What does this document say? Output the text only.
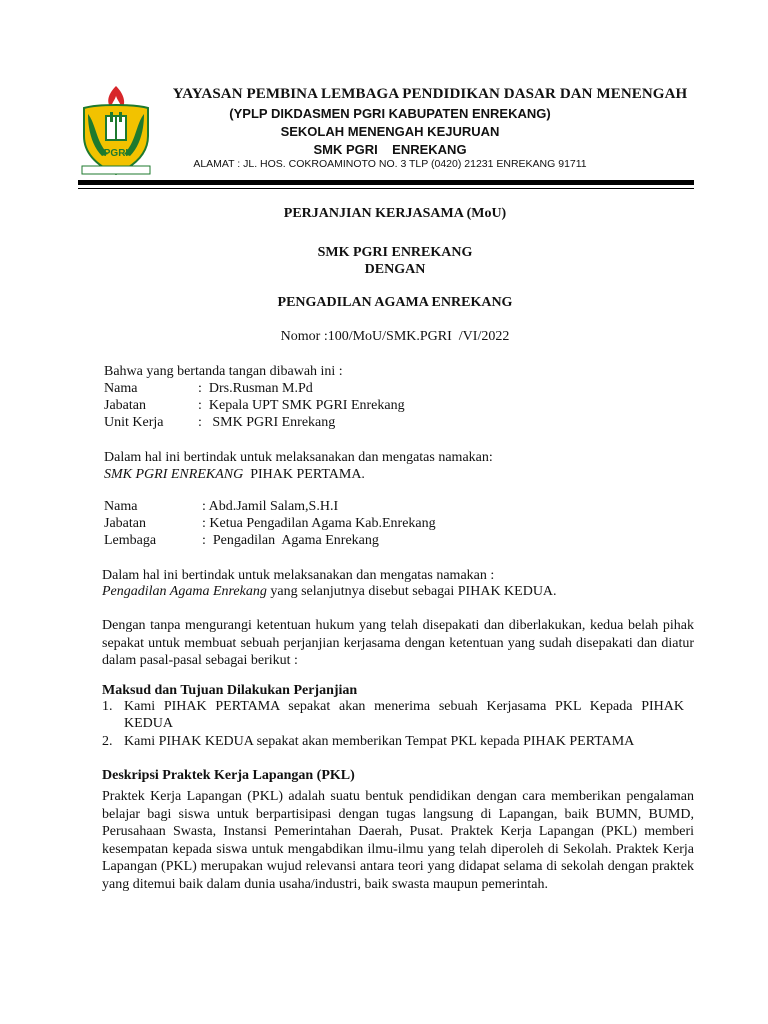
PGRI
YAYASAN PEMBINA LEMBAGA PENDIDIKAN DASAR DAN MENENGAH
(YPLP DIKDASMEN PGRI KABUPATEN ENREKANG)
SEKOLAH MENENGAH KEJURUAN
SMK PGRI    ENREKANG
ALAMAT : JL. HOS. COKROAMINOTO NO. 3 TLP (0420) 21231 ENREKANG 91711
PERJANJIAN KERJASAMA (MoU)
SMK PGRI ENREKANG
DENGAN
PENGADILAN AGAMA ENREKANG
Nomor :100/MoU/SMK.PGRI  /VI/2022
Bahwa yang bertanda tangan dibawah ini :
Nama	:  Drs.Rusman M.Pd
Jabatan	:  Kepala UPT SMK PGRI Enrekang
Unit Kerja :   SMK PGRI Enrekang
Dalam hal ini bertindak untuk melaksanakan dan mengatas namakan:
SMK PGRI ENREKANG  PIHAK PERTAMA.
Nama	: Abd.Jamil Salam,S.H.I
Jabatan	: Ketua Pengadilan Agama Kab.Enrekang
Lembaga	:  Pengadilan  Agama Enrekang
Dalam hal ini bertindak untuk melaksanakan dan mengatas namakan :
Pengadilan Agama Enrekang yang selanjutnya disebut sebagai PIHAK KEDUA.
Dengan tanpa mengurangi ketentuan hukum yang telah disepakati dan diberlakukan, kedua belah pihak sepakat untuk membuat sebuah perjanjian kerjasama dengan ketentuan yang sudah disepakati dan diatur dalam pasal-pasal sebagai berikut :
Maksud dan Tujuan Dilakukan Perjanjian
1. Kami PIHAK PERTAMA sepakat akan menerima sebuah Kerjasama PKL Kepada PIHAK KEDUA
2. Kami PIHAK KEDUA sepakat akan memberikan Tempat PKL kepada PIHAK PERTAMA
Deskripsi Praktek Kerja Lapangan (PKL)
Praktek Kerja Lapangan (PKL) adalah suatu bentuk pendidikan dengan cara memberikan pengalaman belajar bagi siswa untuk berpartisipasi dengan tugas langsung di Lapangan, baik BUMN, BUMD, Perusahaan Swasta, Instansi Pemerintahan Daerah, Pusat. Praktek Kerja Lapangan (PKL) memberi kesempatan kepada siswa untuk mengabdikan ilmu-ilmu yang telah diperoleh di Sekolah. Praktek Kerja Lapangan (PKL) merupakan wujud relevansi antara teori yang didapat selama di sekolah dengan praktek yang ditemui baik dalam dunia usaha/industri, baik swasta maupun pemerintah.
